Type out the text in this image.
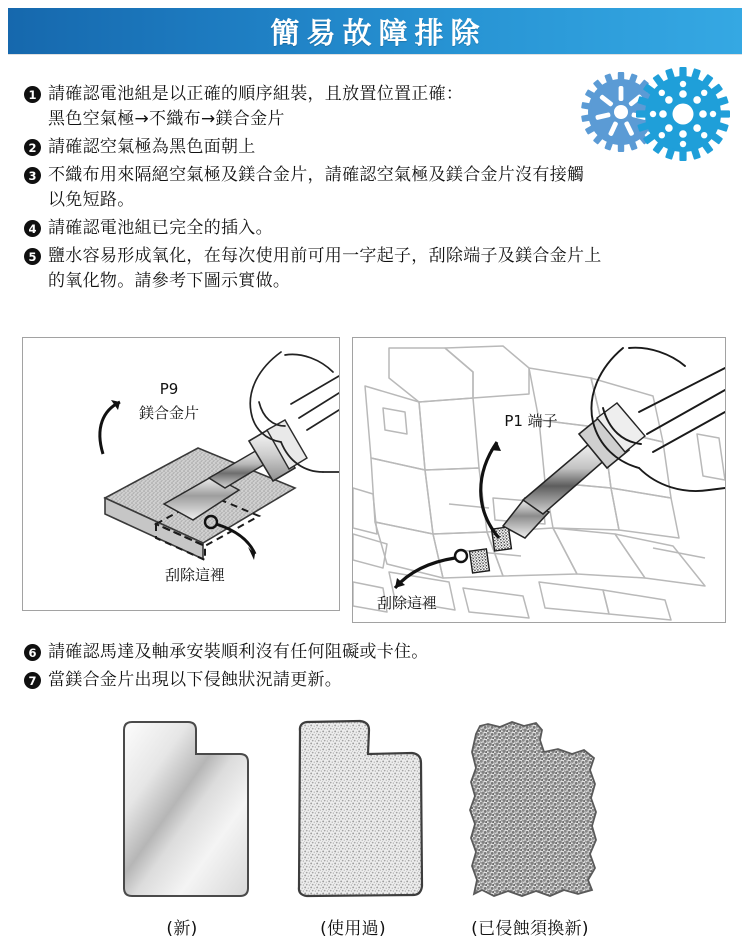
簡易故障排除
1 請確認電池組是以正確的順序組裝，且放置位置正確：
黑色空氣極→不織布→鎂合金片
2 請確認空氣極為黑色面朝上
3 不織布用來隔絕空氣極及鎂合金片，請確認空氣極及鎂合金片沒有接觸
以免短路。
4 請確認電池組已完全的插入。
5 鹽水容易形成氧化，在每次使用前可用一字起子，刮除端子及鎂合金片上
的氧化物。請參考下圖示實做。
P9
鎂合金片
刮除這裡
P1 端子
刮除這裡
6 請確認馬達及軸承安裝順利沒有任何阻礙或卡住。
7 當鎂合金片出現以下侵蝕狀況請更新。
(新)	(使用過)	(已侵蝕須換新)
